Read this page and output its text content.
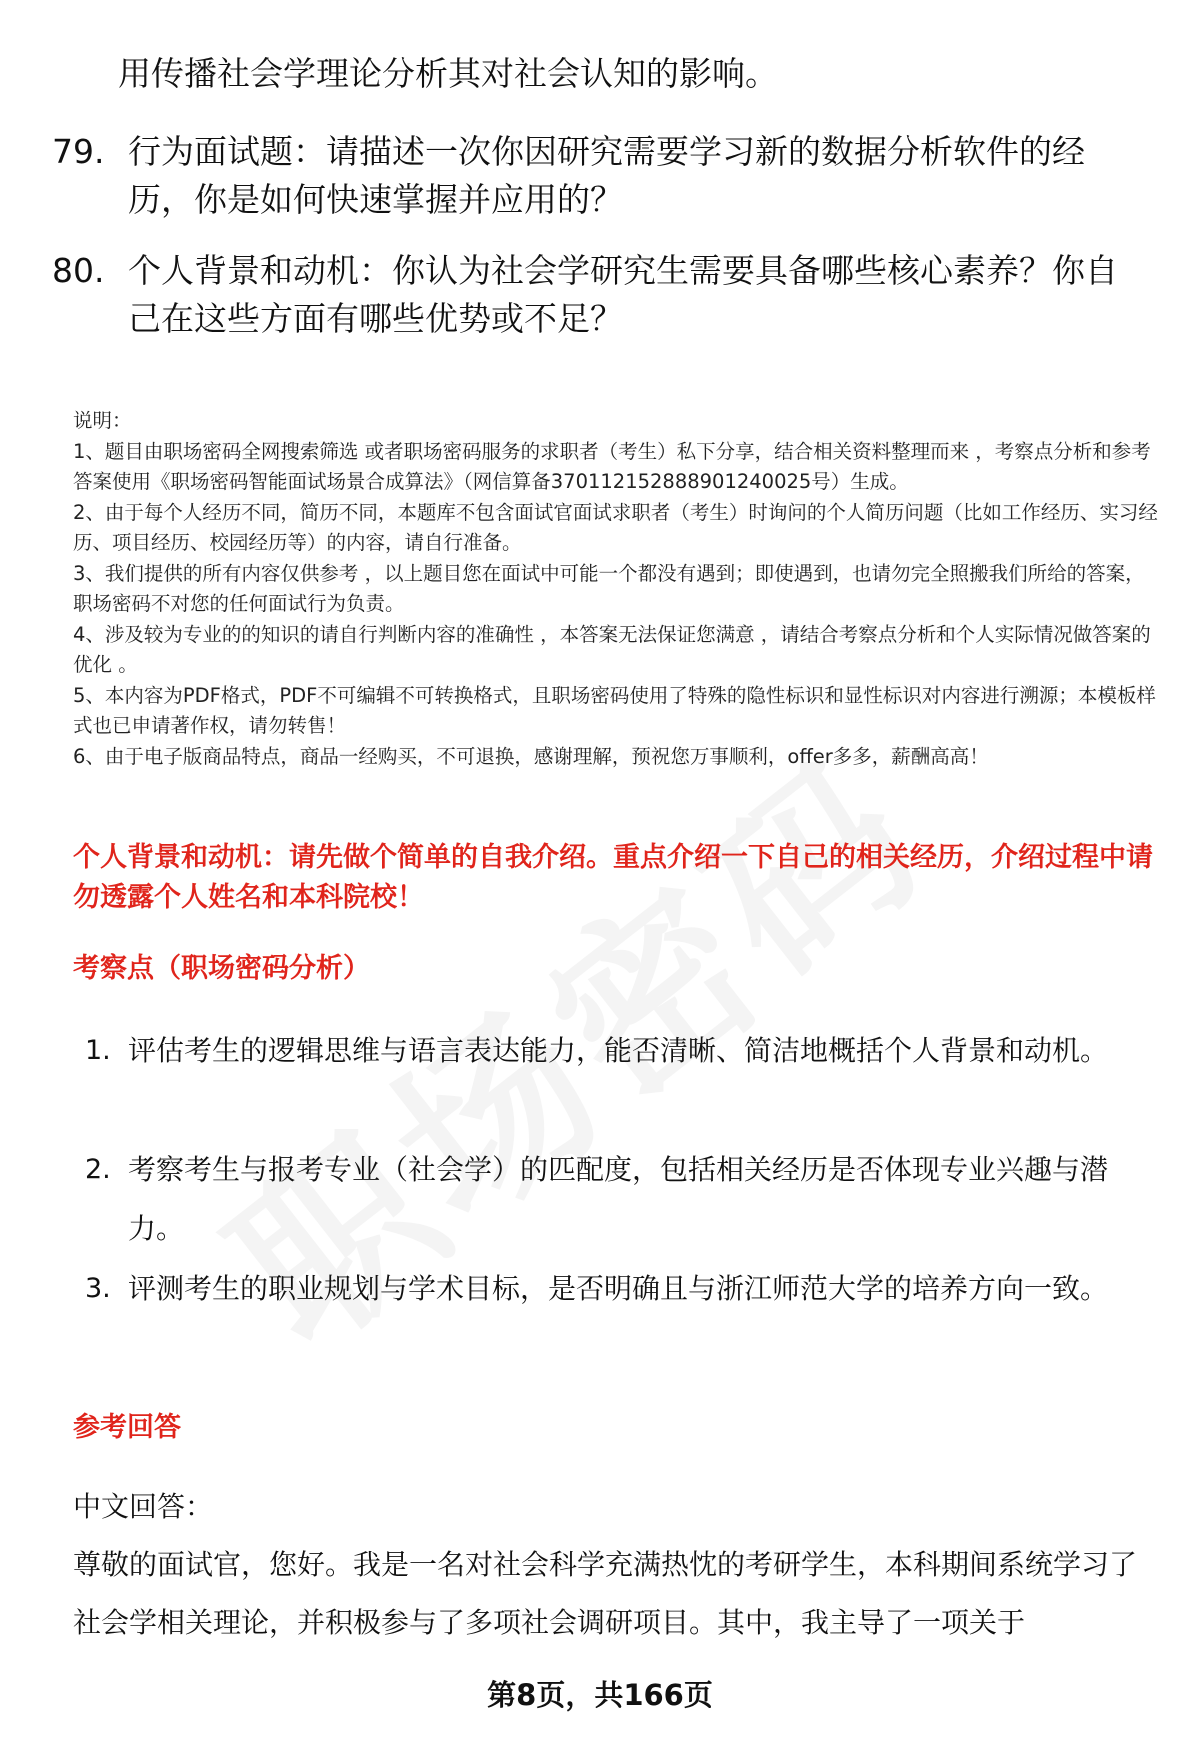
用传播社会学理论分析其对社会认知的影响。
79. 行为面试题：请描述一次你因研究需要学习新的数据分析软件的经历，你是如何快速掌握并应用的？
80. 个人背景和动机：你认为社会学研究生需要具备哪些核心素养？你自己在这些方面有哪些优势或不足？
说明：
1、题目由职场密码全网搜索筛选 或者职场密码服务的求职者（考生）私下分享，结合相关资料整理而来 ，考察点分析和参考答案使用《职场密码智能面试场景合成算法》（网信算备370112152888901240025号）生成。
2、由于每个人经历不同，简历不同，本题库不包含面试官面试求职者（考生）时询问的个人简历问题（比如工作经历、实习经历、项目经历、校园经历等）的内容，请自行准备。
3、我们提供的所有内容仅供参考 ，以上题目您在面试中可能一个都没有遇到；即使遇到，也请勿完全照搬我们所给的答案，职场密码不对您的任何面试行为负责。
4、涉及较为专业的的知识的请自行判断内容的准确性 ，本答案无法保证您满意 ，请结合考察点分析和个人实际情况做答案的优化 。
5、本内容为PDF格式，PDF不可编辑不可转换格式，且职场密码使用了特殊的隐性标识和显性标识对内容进行溯源；本模板样式也已申请著作权，请勿转售！
6、由于电子版商品特点，商品一经购买，不可退换，感谢理解，预祝您万事顺利，offer多多，薪酬高高！
个人背景和动机：请先做个简单的自我介绍。重点介绍一下自己的相关经历，介绍过程中请勿透露个人姓名和本科院校！
考察点（职场密码分析）
1. 评估考生的逻辑思维与语言表达能力，能否清晰、简洁地概括个人背景和动机。
2. 考察考生与报考专业（社会学）的匹配度，包括相关经历是否体现专业兴趣与潜力。
3. 评测考生的职业规划与学术目标，是否明确且与浙江师范大学的培养方向一致。
参考回答
中文回答：
尊敬的面试官，您好。我是一名对社会科学充满热忱的考研学生，本科期间系统学习了社会学相关理论，并积极参与了多项社会调研项目。其中，我主导了一项关于
第8页，共166页
